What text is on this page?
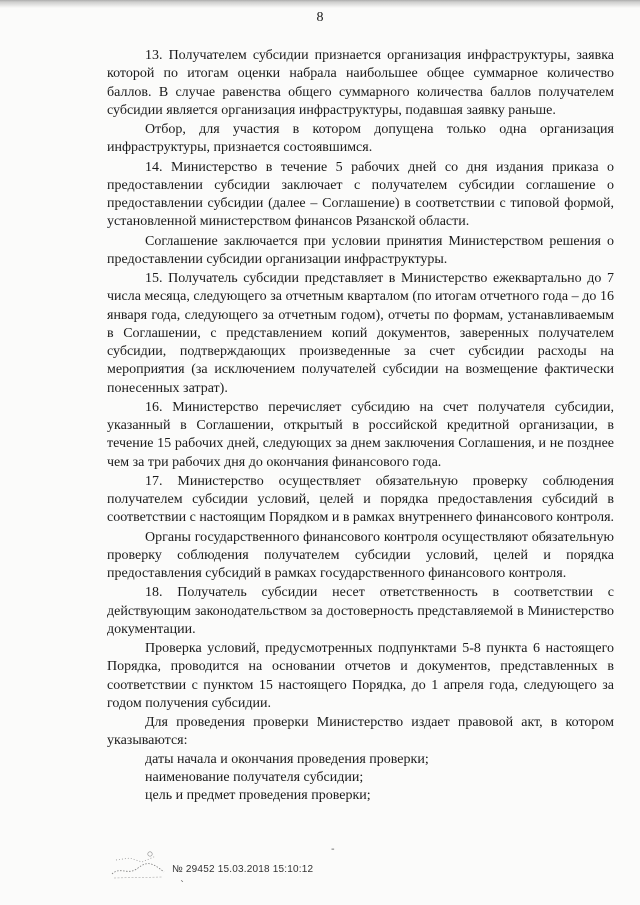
8

13. Получателем субсидии признается организация инфраструктуры, заявка которой по итогам оценки набрала наибольшее общее суммарное количество баллов. В случае равенства общего суммарного количества баллов получателем субсидии является организация инфраструктуры, подавшая заявку раньше.

Отбор, для участия в котором допущена только одна организация инфраструктуры, признается состоявшимся.

14. Министерство в течение 5 рабочих дней со дня издания приказа о предоставлении субсидии заключает с получателем субсидии соглашение о предоставлении субсидии (далее – Соглашение) в соответствии с типовой формой, установленной министерством финансов Рязанской области.

Соглашение заключается при условии принятия Министерством решения о предоставлении субсидии организации инфраструктуры.

15. Получатель субсидии представляет в Министерство ежеквартально до 7 числа месяца, следующего за отчетным кварталом (по итогам отчетного года – до 16 января года, следующего за отчетным годом), отчеты по формам, устанавливаемым в Соглашении, с представлением копий документов, заверенных получателем субсидии, подтверждающих произведенные за счет субсидии расходы на мероприятия (за исключением получателей субсидии на возмещение фактически понесенных затрат).

16. Министерство перечисляет субсидию на счет получателя субсидии, указанный в Соглашении, открытый в российской кредитной организации, в течение 15 рабочих дней, следующих за днем заключения Соглашения, и не позднее чем за три рабочих дня до окончания финансового года.

17. Министерство осуществляет обязательную проверку соблюдения получателем субсидии условий, целей и порядка предоставления субсидий в соответствии с настоящим Порядком и в рамках внутреннего финансового контроля.

Органы государственного финансового контроля осуществляют обязательную проверку соблюдения получателем субсидии условий, целей и порядка предоставления субсидий в рамках государственного финансового контроля.

18. Получатель субсидии несет ответственность в соответствии с действующим законодательством за достоверность представляемой в Министерство документации.

Проверка условий, предусмотренных подпунктами 5-8 пункта 6 настоящего Порядка, проводится на основании отчетов и документов, представленных в соответствии с пунктом 15 настоящего Порядка, до 1 апреля года, следующего за годом получения субсидии.

Для проведения проверки Министерство издает правовой акт, в котором указываются:

даты начала и окончания проведения проверки;

наименование получателя субсидии;

цель и предмет проведения проверки;

№ 29452 15.03.2018 15:10:12
-
`
